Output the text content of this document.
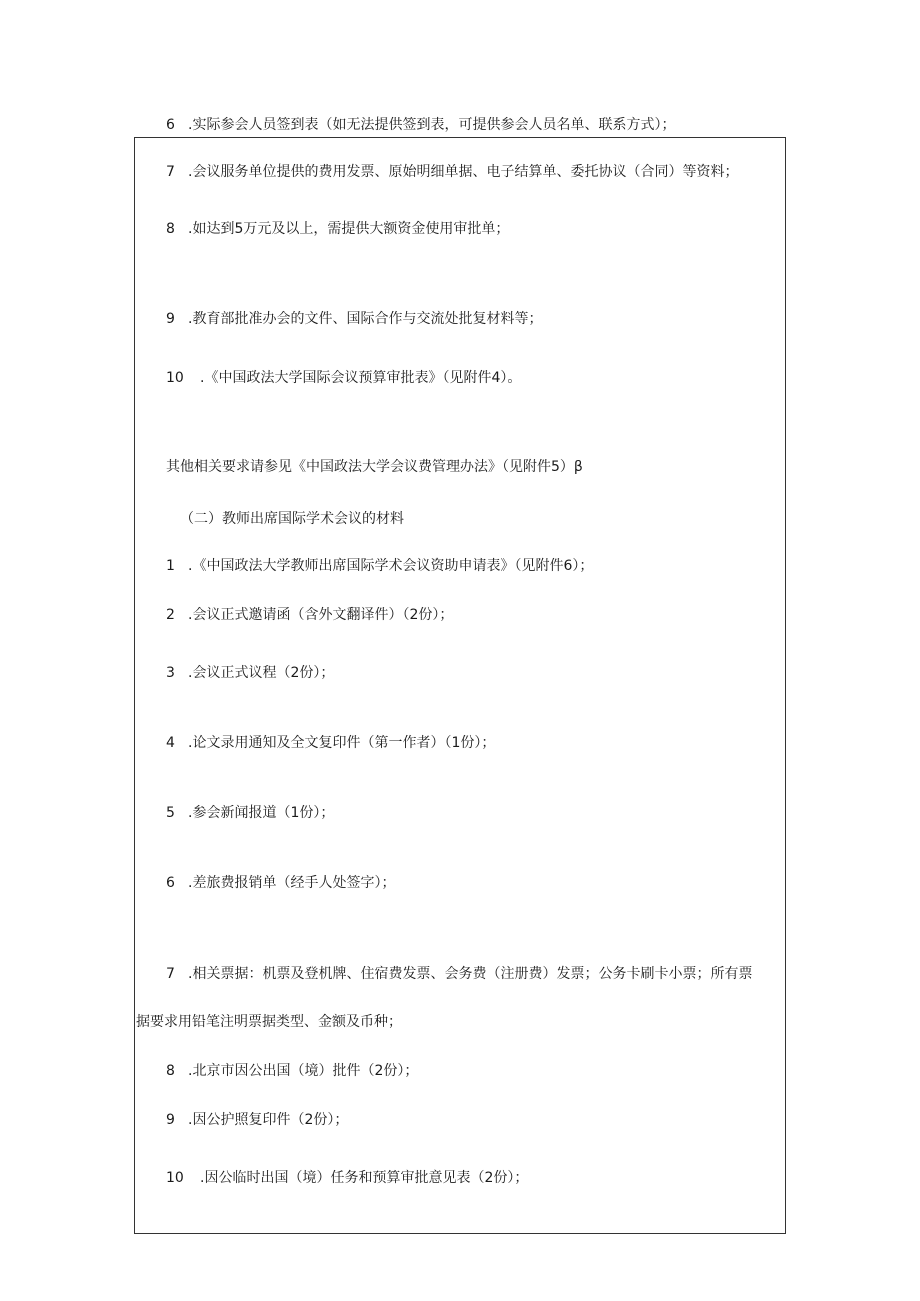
6 .实际参会人员签到表（如无法提供签到表，可提供参会人员名单、联系方式）；
7 .会议服务单位提供的费用发票、原始明细单据、电子结算单、委托协议（合同）等资料；
8 .如达到5万元及以上，需提供大额资金使用审批单；
9 .教育部批准办会的文件、国际合作与交流处批复材料等；
10 .《中国政法大学国际会议预算审批表》（见附件4）。
其他相关要求请参见《中国政法大学会议费管理办法》（见附件5）β
（二）教师出席国际学术会议的材料
1 .《中国政法大学教师出席国际学术会议资助申请表》（见附件6）；
2 .会议正式邀请函（含外文翻译件）（2份）；
3 .会议正式议程（2份）；
4 .论文录用通知及全文复印件（第一作者）（1份）；
5 .参会新闻报道（1份）；
6 .差旅费报销单（经手人处签字）；
7 .相关票据：机票及登机牌、住宿费发票、会务费（注册费）发票；公务卡刷卡小票；所有票
据要求用铅笔注明票据类型、金额及币种；
8 .北京市因公出国（境）批件（2份）；
9 .因公护照复印件（2份）；
10 .因公临时出国（境）任务和预算审批意见表（2份）；
